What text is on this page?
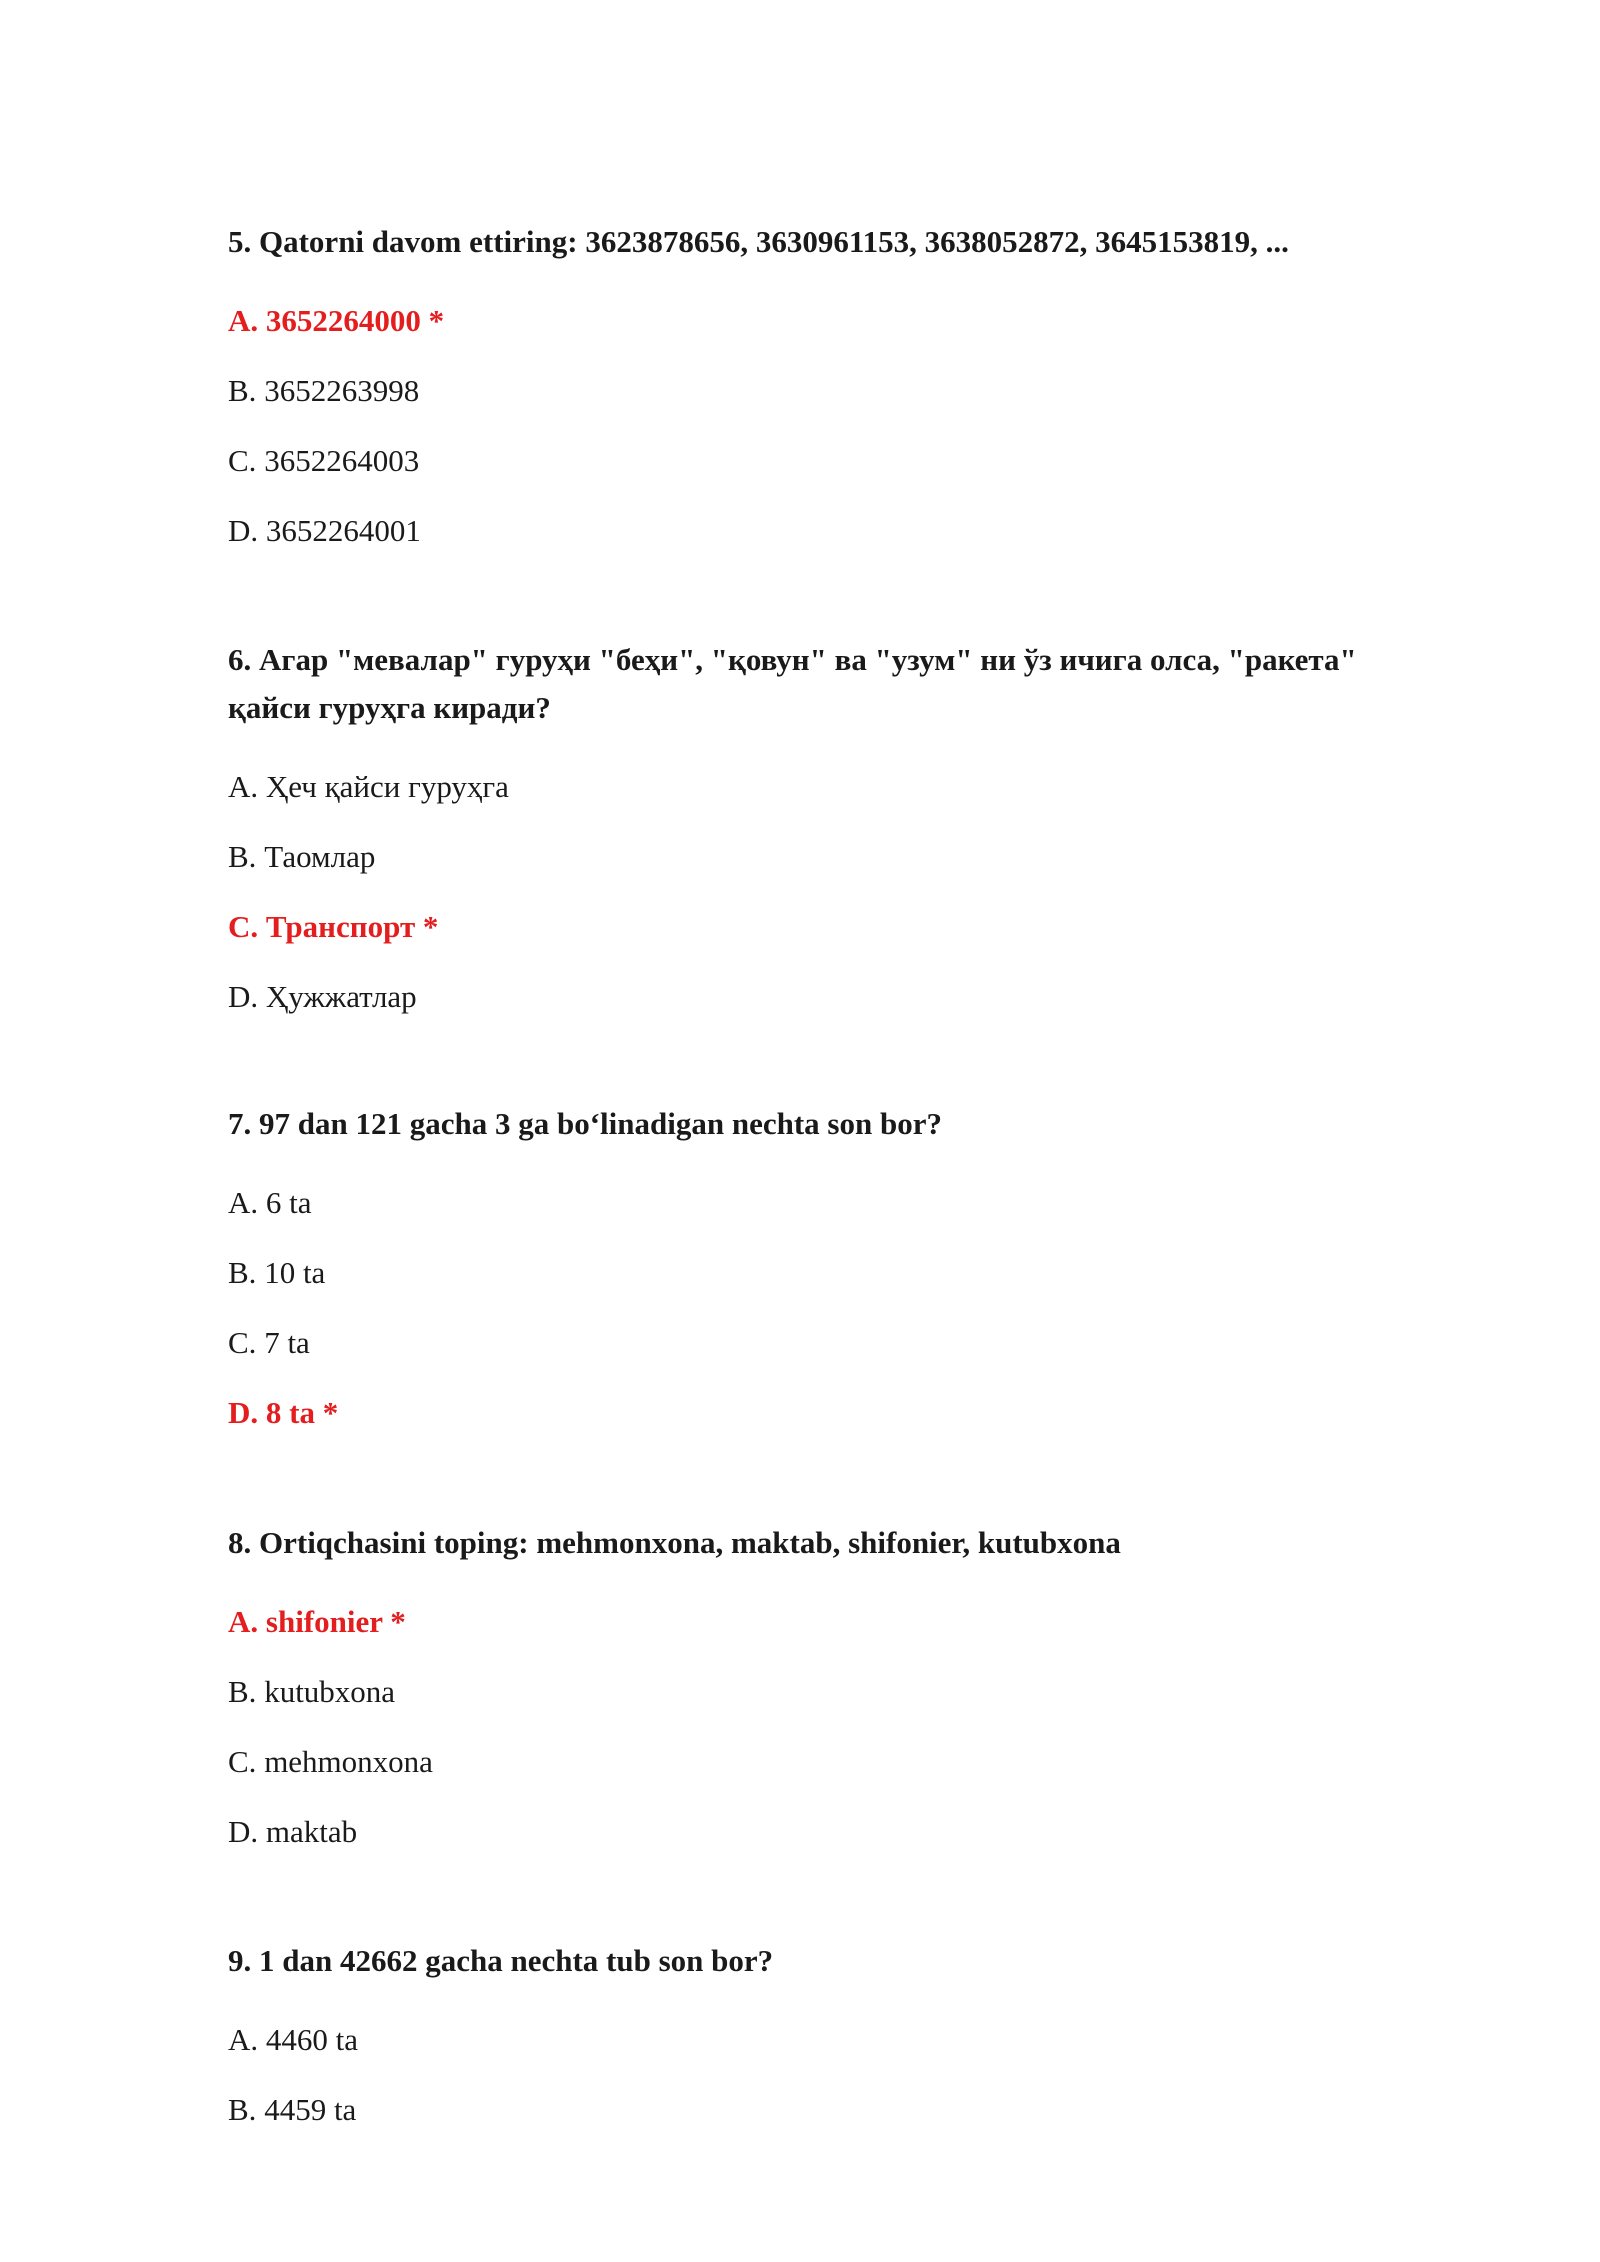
5. Qatorni davom ettiring: 3623878656, 3630961153, 3638052872, 3645153819, ...

A. 3652264000 *
B. 3652263998
C. 3652264003
D. 3652264001

6. Агар "мевалар" гуруҳи "беҳи", "қовун" ва "узум" ни ўз ичига олса, "ракета" қайси гуруҳга киради?

A. Ҳеч қайси гуруҳга
B. Таомлар
C. Транспорт *
D. Ҳужжатлар

7. 97 dan 121 gacha 3 ga bo‘linadigan nechta son bor?

A. 6 ta
B. 10 ta
C. 7 ta
D. 8 ta *

8. Ortiqchasini toping: mehmonxona, maktab, shifonier, kutubxona

A. shifonier *
B. kutubxona
C. mehmonxona
D. maktab

9. 1 dan 42662 gacha nechta tub son bor?

A. 4460 ta
B. 4459 ta
